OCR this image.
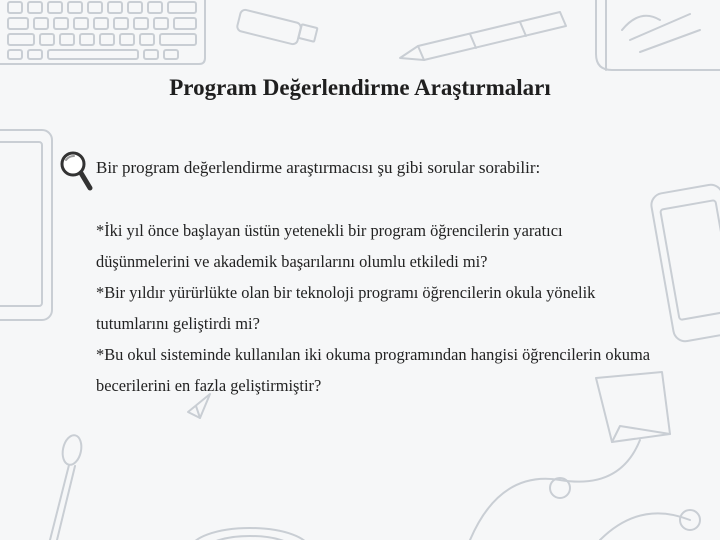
Program Değerlendirme Araştırmaları

Bir program değerlendirme araştırmacısı şu gibi sorular sorabilir:

*İki yıl önce başlayan üstün yetenekli bir program öğrencilerin yaratıcı düşünmelerini ve akademik başarılarını olumlu etkiledi mi?
*Bir yıldır yürürlükte olan bir teknoloji programı öğrencilerin okula yönelik tutumlarını geliştirdi mi?
*Bu okul sisteminde kullanılan iki okuma programından hangisi öğrencilerin okuma becerilerini en fazla geliştirmiştir?
